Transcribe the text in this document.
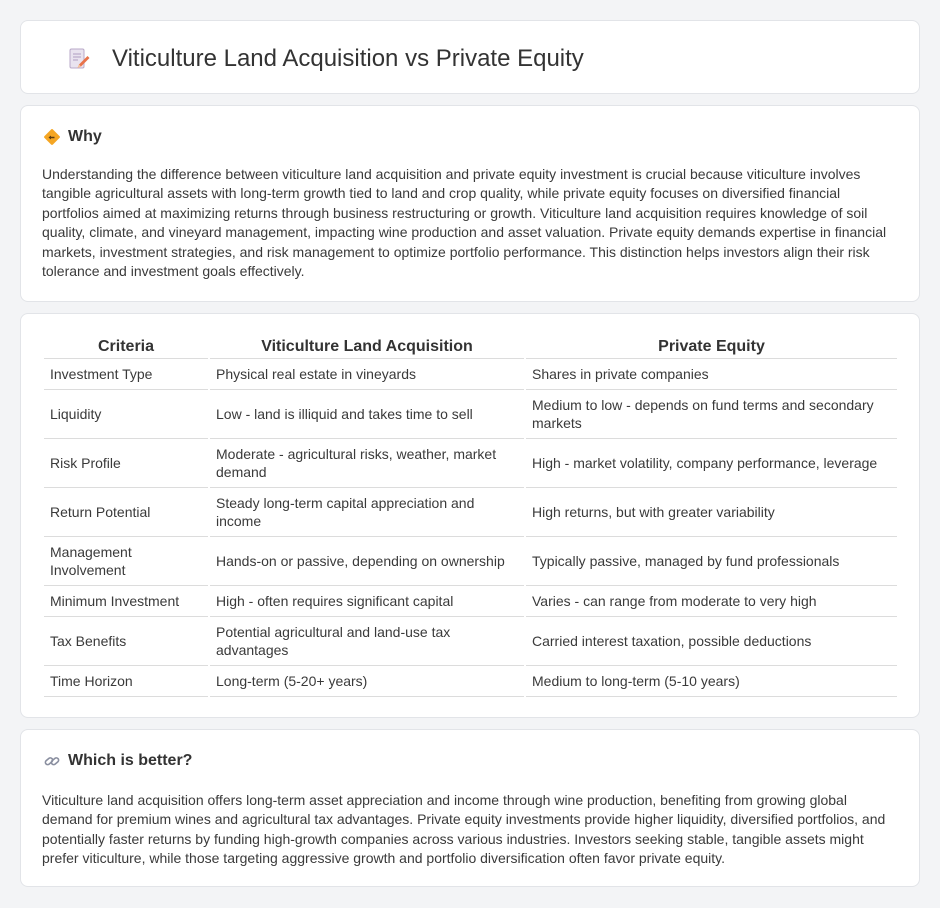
Viticulture Land Acquisition vs Private Equity
Why

Understanding the difference between viticulture land acquisition and private equity investment is crucial because viticulture involves tangible agricultural assets with long-term growth tied to land and crop quality, while private equity focuses on diversified financial portfolios aimed at maximizing returns through business restructuring or growth. Viticulture land acquisition requires knowledge of soil quality, climate, and vineyard management, impacting wine production and asset valuation. Private equity demands expertise in financial markets, investment strategies, and risk management to optimize portfolio performance. This distinction helps investors align their risk tolerance and investment goals effectively.

Criteria	Viticulture Land Acquisition	Private Equity
Investment Type	Physical real estate in vineyards	Shares in private companies
Liquidity	Low - land is illiquid and takes time to sell	Medium to low - depends on fund terms and secondary markets
Risk Profile	Moderate - agricultural risks, weather, market demand	High - market volatility, company performance, leverage
Return Potential	Steady long-term capital appreciation and income	High returns, but with greater variability
Management Involvement	Hands-on or passive, depending on ownership	Typically passive, managed by fund professionals
Minimum Investment	High - often requires significant capital	Varies - can range from moderate to very high
Tax Benefits	Potential agricultural and land-use tax advantages	Carried interest taxation, possible deductions
Time Horizon	Long-term (5-20+ years)	Medium to long-term (5-10 years)
Which is better?

Viticulture land acquisition offers long-term asset appreciation and income through wine production, benefiting from growing global demand for premium wines and agricultural tax advantages. Private equity investments provide higher liquidity, diversified portfolios, and potentially faster returns by funding high-growth companies across various industries. Investors seeking stable, tangible assets might prefer viticulture, while those targeting aggressive growth and portfolio diversification often favor private equity.
